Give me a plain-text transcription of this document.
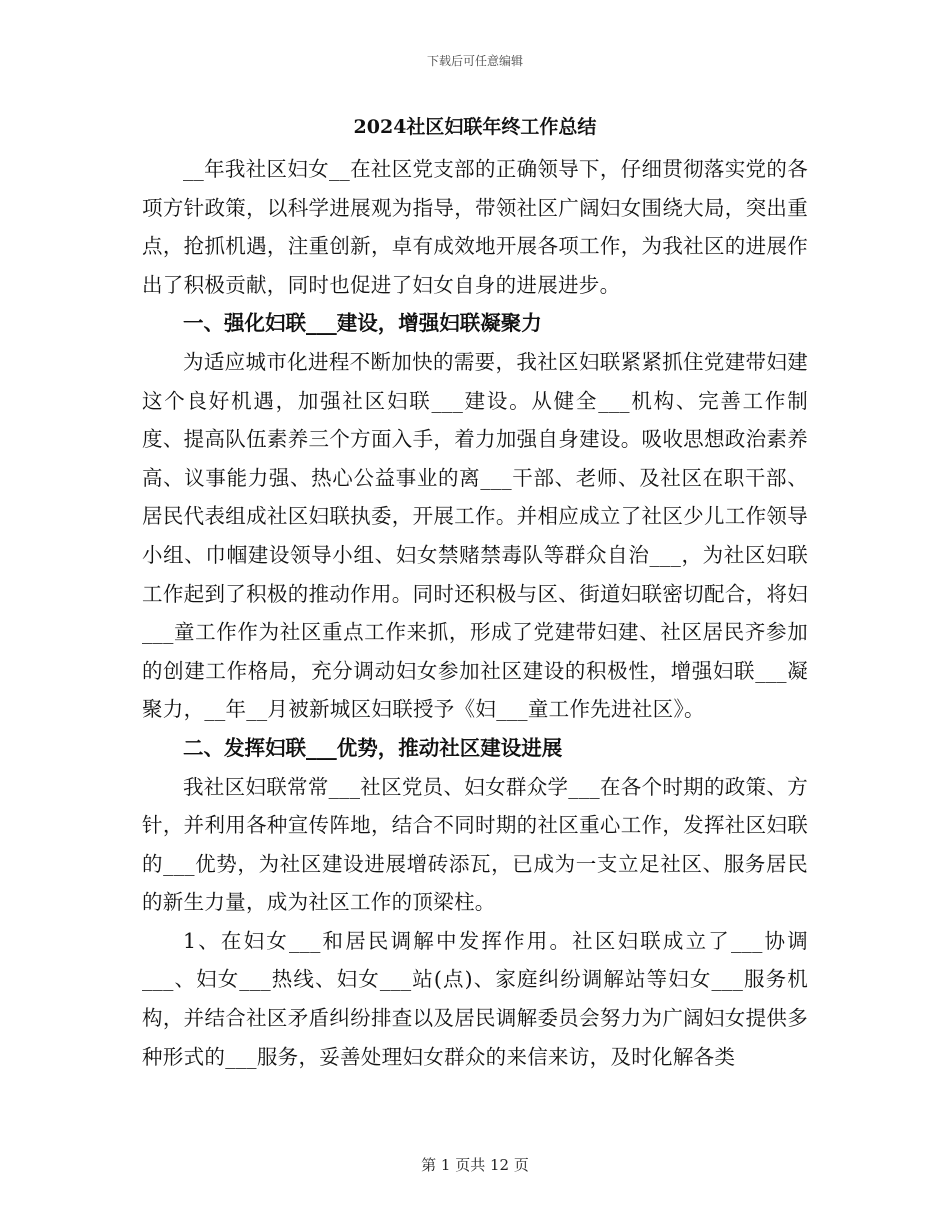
下载后可任意编辑
2024社区妇联年终工作总结

__年我社区妇女__在社区党支部的正确领导下，仔细贯彻落实党的各项方针政策，以科学进展观为指导，带领社区广阔妇女围绕大局，突出重点，抢抓机遇，注重创新，卓有成效地开展各项工作，为我社区的进展作出了积极贡献，同时也促进了妇女自身的进展进步。

一、强化妇联___建设，增强妇联凝聚力

为适应城市化进程不断加快的需要，我社区妇联紧紧抓住党建带妇建这个良好机遇，加强社区妇联___建设。从健全___机构、完善工作制度、提高队伍素养三个方面入手，着力加强自身建设。吸收思想政治素养高、议事能力强、热心公益事业的离___干部、老师、及社区在职干部、居民代表组成社区妇联执委，开展工作。并相应成立了社区少儿工作领导小组、巾帼建设领导小组、妇女禁赌禁毒队等群众自治___，为社区妇联工作起到了积极的推动作用。同时还积极与区、街道妇联密切配合，将妇___童工作作为社区重点工作来抓，形成了党建带妇建、社区居民齐参加的创建工作格局，充分调动妇女参加社区建设的积极性，增强妇联___凝聚力，__年__月被新城区妇联授予《妇___童工作先进社区》。

二、发挥妇联___优势，推动社区建设进展

我社区妇联常常___社区党员、妇女群众学___在各个时期的政策、方针，并利用各种宣传阵地，结合不同时期的社区重心工作，发挥社区妇联的___优势，为社区建设进展增砖添瓦，已成为一支立足社区、服务居民的新生力量，成为社区工作的顶梁柱。

1、在妇女___和居民调解中发挥作用。社区妇联成立了___协调___、妇女___热线、妇女___站(点)、家庭纠纷调解站等妇女___服务机构，并结合社区矛盾纠纷排查以及居民调解委员会努力为广阔妇女提供多种形式的___服务，妥善处理妇女群众的来信来访，及时化解各类

第 1 页共 12 页
